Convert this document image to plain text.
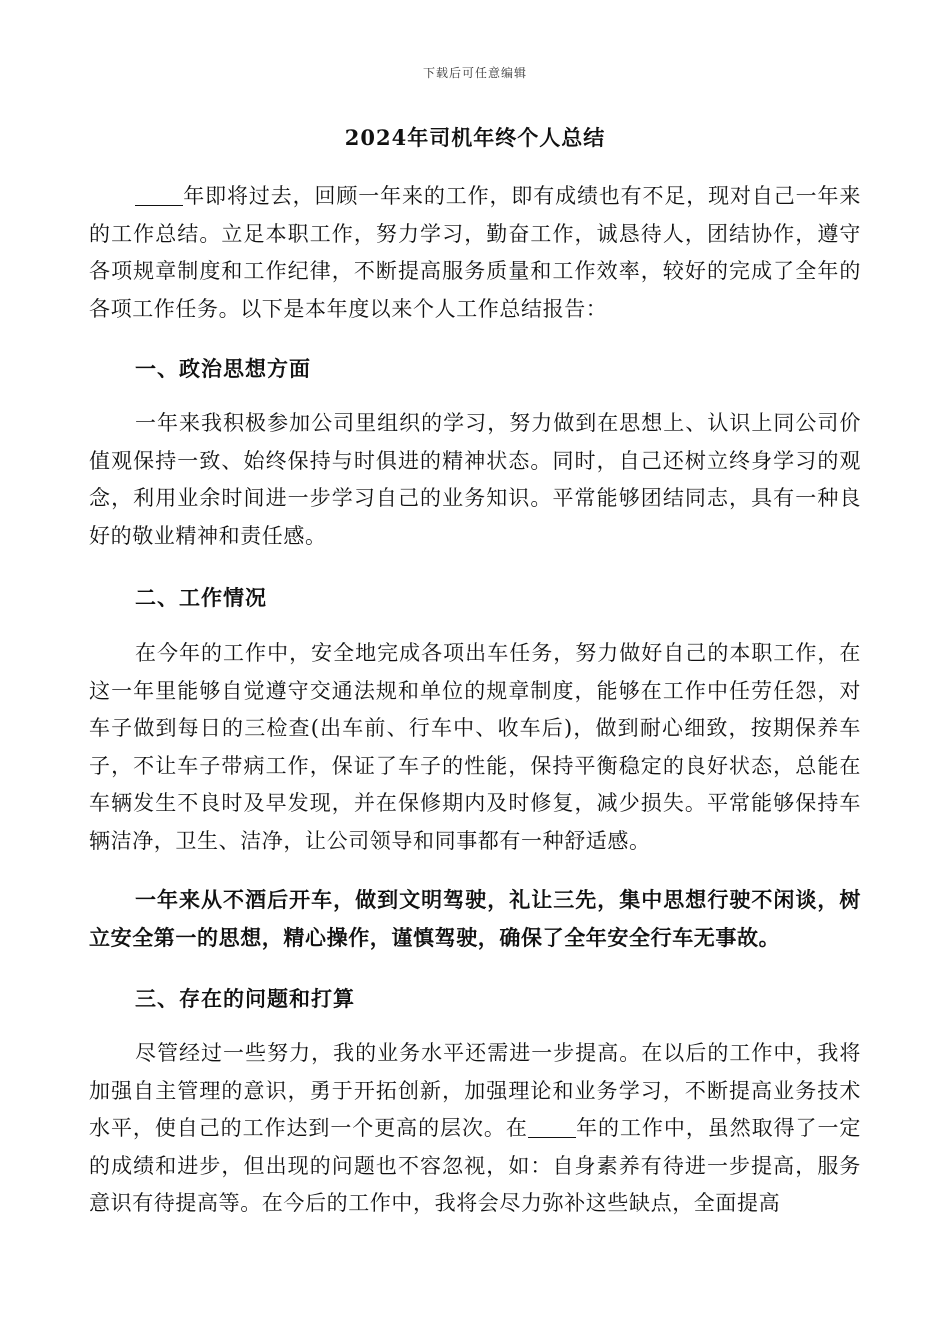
下载后可任意编辑
2024年司机年终个人总结
年即将过去，回顾一年来的工作，即有成绩也有不足，现对自己一年来的工作总结。立足本职工作，努力学习，勤奋工作，诚恳待人，团结协作，遵守各项规章制度和工作纪律，不断提高服务质量和工作效率，较好的完成了全年的各项工作任务。以下是本年度以来个人工作总结报告：
一、政治思想方面
一年来我积极参加公司里组织的学习，努力做到在思想上、认识上同公司价值观保持一致、始终保持与时俱进的精神状态。同时，自己还树立终身学习的观念，利用业余时间进一步学习自己的业务知识。平常能够团结同志，具有一种良好的敬业精神和责任感。
二、工作情况
在今年的工作中，安全地完成各项出车任务，努力做好自己的本职工作，在这一年里能够自觉遵守交通法规和单位的规章制度，能够在工作中任劳任怨，对车子做到每日的三检查(出车前、行车中、收车后)，做到耐心细致，按期保养车子，不让车子带病工作，保证了车子的性能，保持平衡稳定的良好状态，总能在车辆发生不良时及早发现，并在保修期内及时修复，减少损失。平常能够保持车辆洁净，卫生、洁净，让公司领导和同事都有一种舒适感。
一年来从不酒后开车，做到文明驾驶，礼让三先，集中思想行驶不闲谈，树立安全第一的思想，精心操作，谨慎驾驶，确保了全年安全行车无事故。
三、存在的问题和打算
尽管经过一些努力，我的业务水平还需进一步提高。在以后的工作中，我将加强自主管理的意识，勇于开拓创新，加强理论和业务学习，不断提高业务技术水平，使自己的工作达到一个更高的层次。在 年的工作中，虽然取得了一定的成绩和进步，但出现的问题也不容忽视，如：自身素养有待进一步提高，服务意识有待提高等。在今后的工作中，我将会尽力弥补这些缺点，全面提高
